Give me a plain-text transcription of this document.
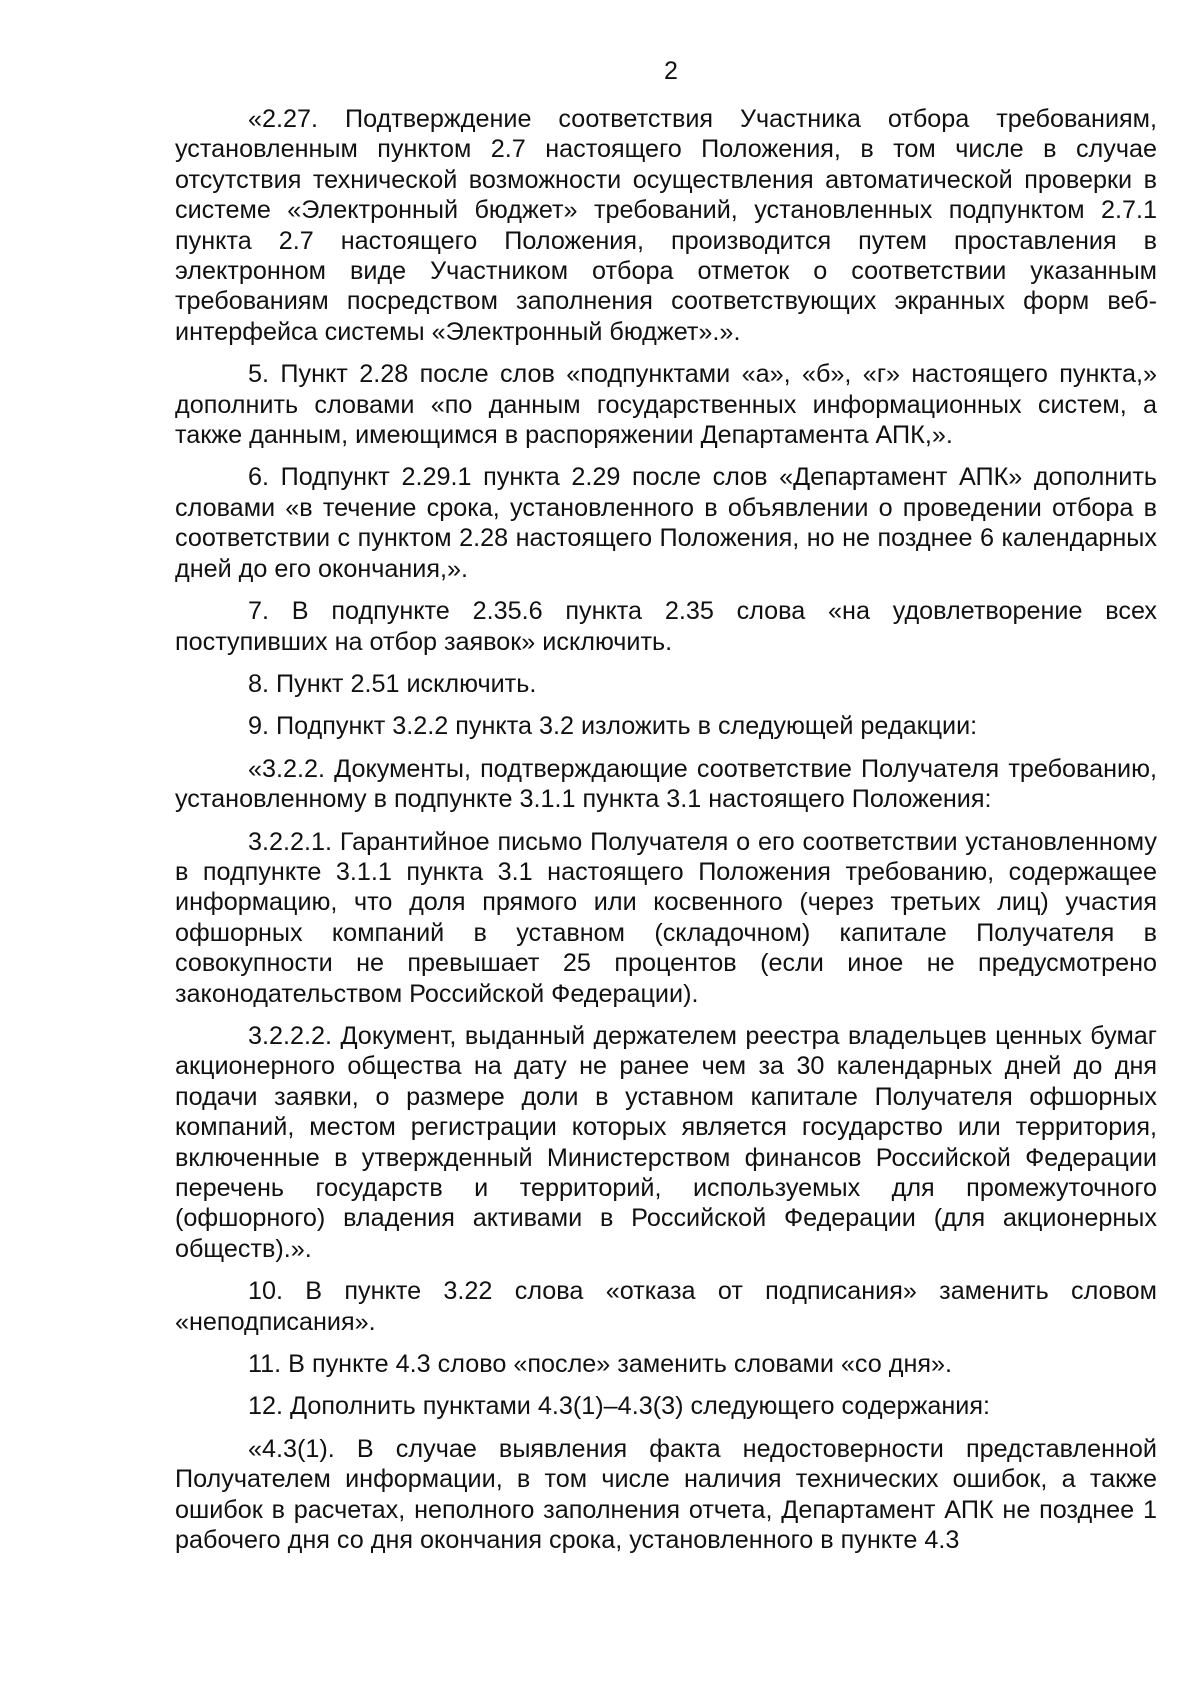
2

«2.27. Подтверждение соответствия Участника отбора требованиям, установленным пунктом 2.7 настоящего Положения, в том числе в случае отсутствия технической возможности осуществления автоматической проверки в системе «Электронный бюджет» требований, установленных подпунктом 2.7.1 пункта 2.7 настоящего Положения, производится путем проставления в электронном виде Участником отбора отметок о соответствии указанным требованиям посредством заполнения соответствующих экранных форм веб-интерфейса системы «Электронный бюджет».».

5. Пункт 2.28 после слов «подпунктами «а», «б», «г» настоящего пункта,» дополнить словами «по данным государственных информационных систем, а также данным, имеющимся в распоряжении Департамента АПК,».

6. Подпункт 2.29.1 пункта 2.29 после слов «Департамент АПК» дополнить словами «в течение срока, установленного в объявлении о проведении отбора в соответствии с пунктом 2.28 настоящего Положения, но не позднее 6 календарных дней до его окончания,».

7. В подпункте 2.35.6 пункта 2.35 слова «на удовлетворение всех поступивших на отбор заявок» исключить.

8. Пункт 2.51 исключить.

9. Подпункт 3.2.2 пункта 3.2 изложить в следующей редакции:

«3.2.2. Документы, подтверждающие соответствие Получателя требованию, установленному в подпункте 3.1.1 пункта 3.1 настоящего Положения:

3.2.2.1. Гарантийное письмо Получателя о его соответствии установленному в подпункте 3.1.1 пункта 3.1 настоящего Положения требованию, содержащее информацию, что доля прямого или косвенного (через третьих лиц) участия офшорных компаний в уставном (складочном) капитале Получателя в совокупности не превышает 25 процентов (если иное не предусмотрено законодательством Российской Федерации).

3.2.2.2. Документ, выданный держателем реестра владельцев ценных бумаг акционерного общества на дату не ранее чем за 30 календарных дней до дня подачи заявки, о размере доли в уставном капитале Получателя офшорных компаний, местом регистрации которых является государство или территория, включенные в утвержденный Министерством финансов Российской Федерации перечень государств и территорий, используемых для промежуточного (офшорного) владения активами в Российской Федерации (для акционерных обществ).».

10. В пункте 3.22 слова «отказа от подписания» заменить словом «неподписания».

11. В пункте 4.3 слово «после» заменить словами «со дня».

12. Дополнить пунктами 4.3(1)–4.3(3) следующего содержания:

«4.3(1). В случае выявления факта недостоверности представленной Получателем информации, в том числе наличия технических ошибок, а также ошибок в расчетах, неполного заполнения отчета, Департамент АПК не позднее 1 рабочего дня со дня окончания срока, установленного в пункте 4.3
